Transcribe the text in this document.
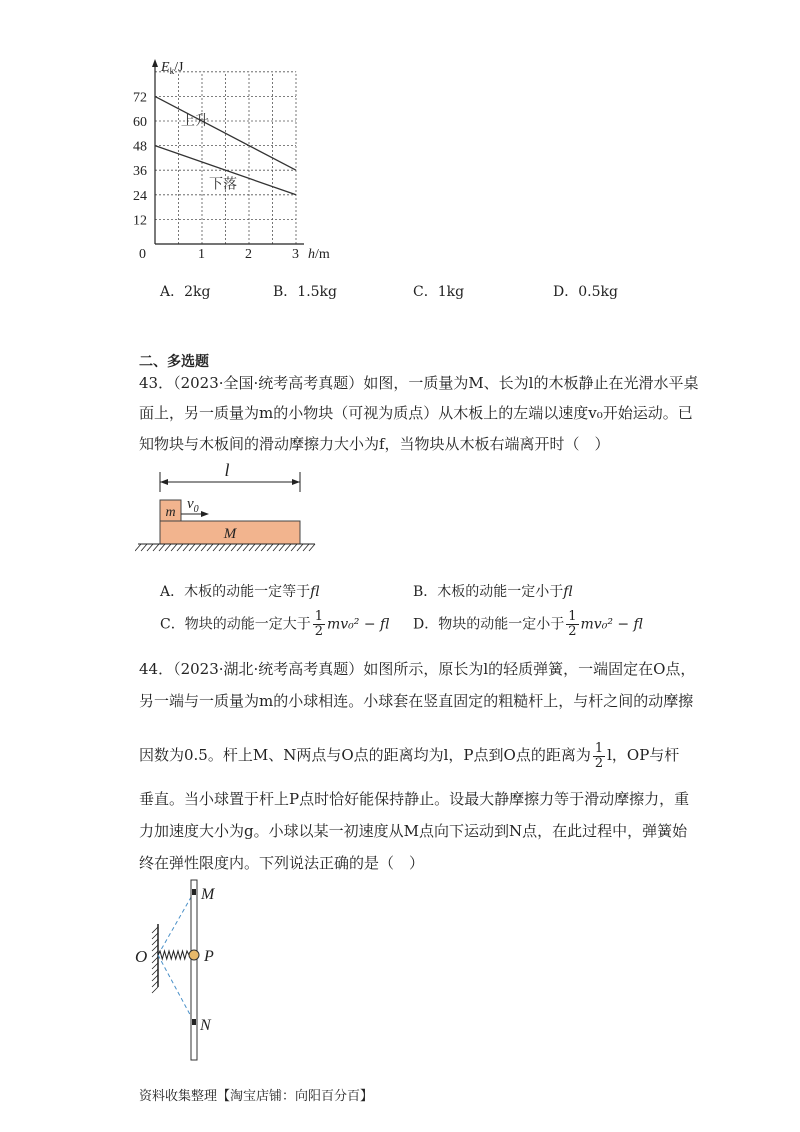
上升
下落
12
24
36
48
60
72
1	2	3
0
$E_k/J$
h/m
A．2kg	B．1.5kg	C．1kg	D．0.5kg
二、多选题
43．（2023·全国·统考高考真题）如图，一质量为M、长为l的木板静止在光滑水平桌
面上，另一质量为m的小物块（可视为质点）从木板上的左端以速度v₀开始运动。已
知物块与木板间的滑动摩擦力大小为f，当物块从木板右端离开时（　）
l
m
$v_0$
M
A．木板的动能一定等于fl	B．木板的动能一定小于fl
C．物块的动能一定大于 $\frac{1}{2} mv_0^2$ − fl D．物块的动能一定小于 $\frac{1}{2} mv_0^2$ − fl
44．（2023·湖北·统考高考真题）如图所示，原长为l的轻质弹簧，一端固定在O点，
另一端与一质量为m的小球相连。小球套在竖直固定的粗糙杆上，与杆之间的动摩擦
因数为0.5。杆上M、N两点与O点的距离均为l，P点到O点的距离为 $\frac{1}{2}$ l，OP与杆
垂直。当小球置于杆上P点时恰好能保持静止。设最大静摩擦力等于滑动摩擦力，重
力加速度大小为g。小球以某一初速度从M点向下运动到N点，在此过程中，弹簧始
终在弹性限度内。下列说法正确的是（　）
O
M
P
N
资料收集整理【淘宝店铺：向阳百分百】
